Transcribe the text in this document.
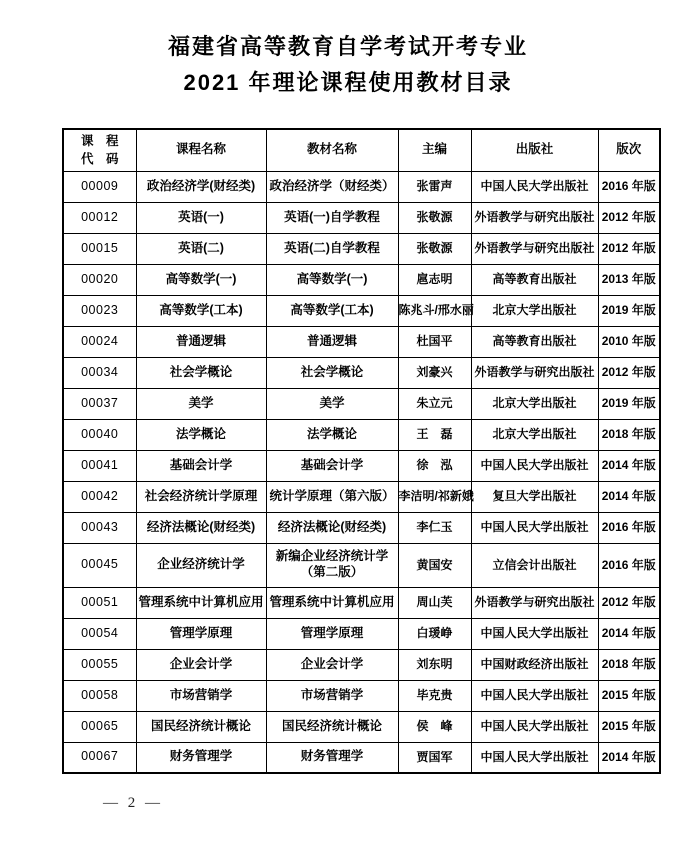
福建省高等教育自学考试开考专业
2021 年理论课程使用教材目录
课　程
代　码	课程名称	教材名称	主编	出版社	版次
00009	政治经济学(财经类)	政治经济学（财经类）	张雷声	中国人民大学出版社	2016 年版
00012	英语(一)	英语(一)自学教程	张敬源	外语教学与研究出版社	2012 年版
00015	英语(二)	英语(二)自学教程	张敬源	外语教学与研究出版社	2012 年版
00020	高等数学(一)	高等数学(一)	扈志明	高等教育出版社	2013 年版
00023	高等数学(工本)	高等数学(工本)	陈兆斗/邢水丽	北京大学出版社	2019 年版
00024	普通逻辑	普通逻辑	杜国平	高等教育出版社	2010 年版
00034	社会学概论	社会学概论	刘豪兴	外语教学与研究出版社	2012 年版
00037	美学	美学	朱立元	北京大学出版社	2019 年版
00040	法学概论	法学概论	王　磊	北京大学出版社	2018 年版
00041	基础会计学	基础会计学	徐　泓	中国人民大学出版社	2014 年版
00042	社会经济统计学原理	统计学原理（第六版）	李洁明/祁新娥	复旦大学出版社	2014 年版
00043	经济法概论(财经类)	经济法概论(财经类)	李仁玉	中国人民大学出版社	2016 年版
00045	企业经济统计学	新编企业经济统计学（第二版）	黄国安	立信会计出版社	2016 年版
00051	管理系统中计算机应用	管理系统中计算机应用	周山芙	外语教学与研究出版社	2012 年版
00054	管理学原理	管理学原理	白瑗峥	中国人民大学出版社	2014 年版
00055	企业会计学	企业会计学	刘东明	中国财政经济出版社	2018 年版
00058	市场营销学	市场营销学	毕克贵	中国人民大学出版社	2015 年版
00065	国民经济统计概论	国民经济统计概论	侯　峰	中国人民大学出版社	2015 年版
00067	财务管理学	财务管理学	贾国军	中国人民大学出版社	2014 年版
— 2 —
